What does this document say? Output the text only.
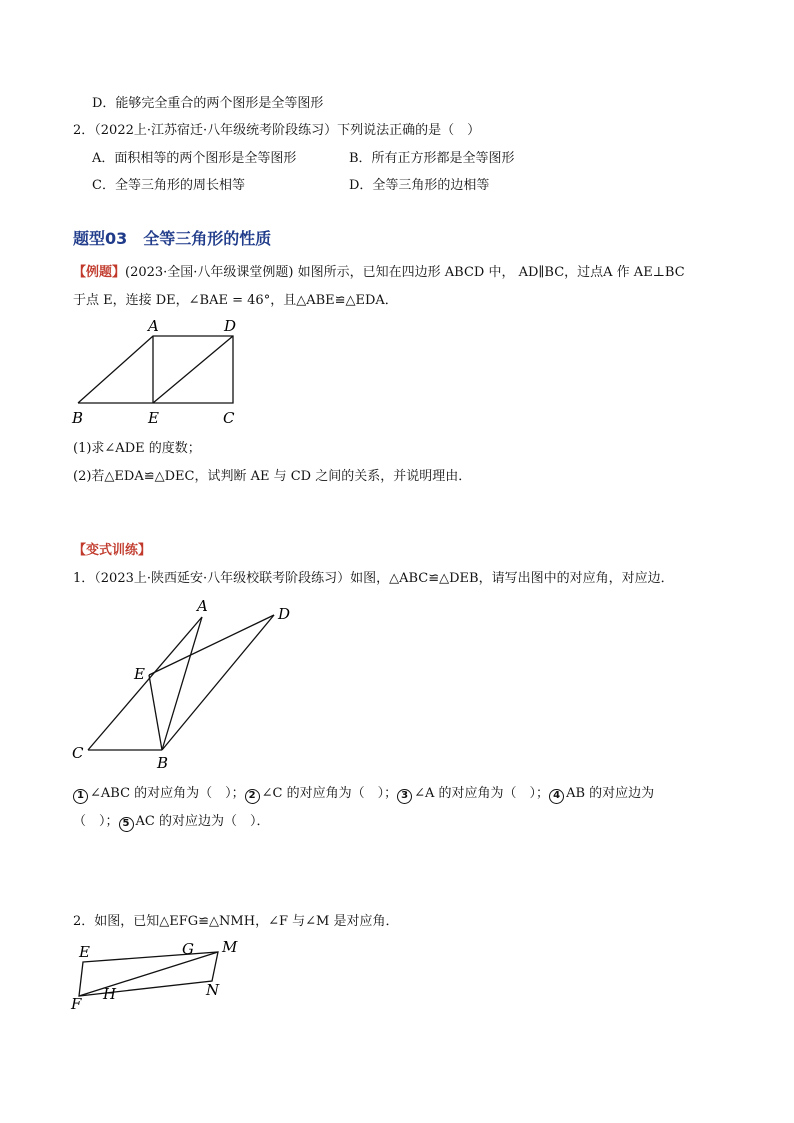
D．能够完全重合的两个图形是全等图形
2．（2022上·江苏宿迁·八年级统考阶段练习）下列说法正确的是（　）
A．面积相等的两个图形是全等图形	B．所有正方形都是全等图形
C．全等三角形的周长相等	D．全等三角形的边相等
题型03　全等三角形的性质
【例题】(2023·全国·八年级课堂例题) 如图所示，已知在四边形 ABCD 中， AD∥BC，过点A 作 AE⊥BC
于点 E，连接 DE，∠BAE = 46°，且△ABE≌△EDA．
A	D
B	E	C
(1)求∠ADE 的度数；
(2)若△EDA≌△DEC，试判断 AE 与 CD 之间的关系，并说明理由．
【变式训练】
1．（2023上·陕西延安·八年级校联考阶段练习）如图，△ABC≌△DEB，请写出图中的对应角，对应边．
A	D
E
C
B
1 ∠ABC 的对应角为（　）； 2 ∠C 的对应角为（　）； 3 ∠A 的对应角为（　）； 4 AB 的对应边为
（　）； 5 AC 的对应边为（　）．
2．如图，已知△EFG≌△NMH，∠F 与∠M 是对应角．
E	G M
F
H	N
